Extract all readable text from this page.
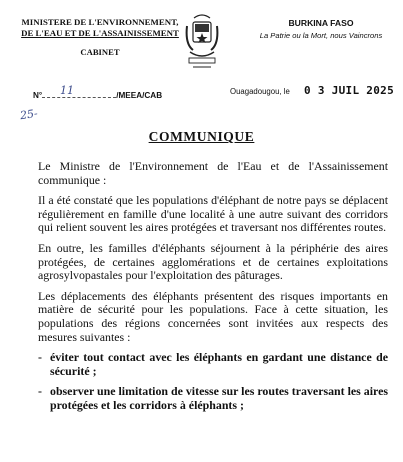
MINISTERE DE L'ENVIRONNEMENT,
DE L'EAU ET DE L'ASSAINISSEMENT
CABINET
BURKINA FASO
La Patrie ou la Mort, nous Vaincrons
N°	/MEEA/CAB
11
25-
Ouagadougou, le 0 3 JUIL 2025
COMMUNIQUE

Le Ministre de l'Environnement de l'Eau et de l'Assainissement communique :

Il a été constaté que les populations d'éléphant de notre pays se déplacent régulièrement en famille d'une localité à une autre suivant des corridors qui relient souvent les aires protégées et traversant nos différentes routes.

En outre, les familles d'éléphants séjournent à la périphérie des aires protégées, de certaines agglomérations et de certaines exploitations agrosylvopastales pour l'exploitation des pâturages.

Les déplacements des éléphants présentent des risques importants en matière de sécurité pour les populations. Face à cette situation, les populations des régions concernées sont invitées aux respects des mesures suivantes :

- éviter tout contact avec les éléphants en gardant une distance de sécurité ;
- observer une limitation de vitesse sur les routes traversant les aires protégées et les corridors à éléphants ;
